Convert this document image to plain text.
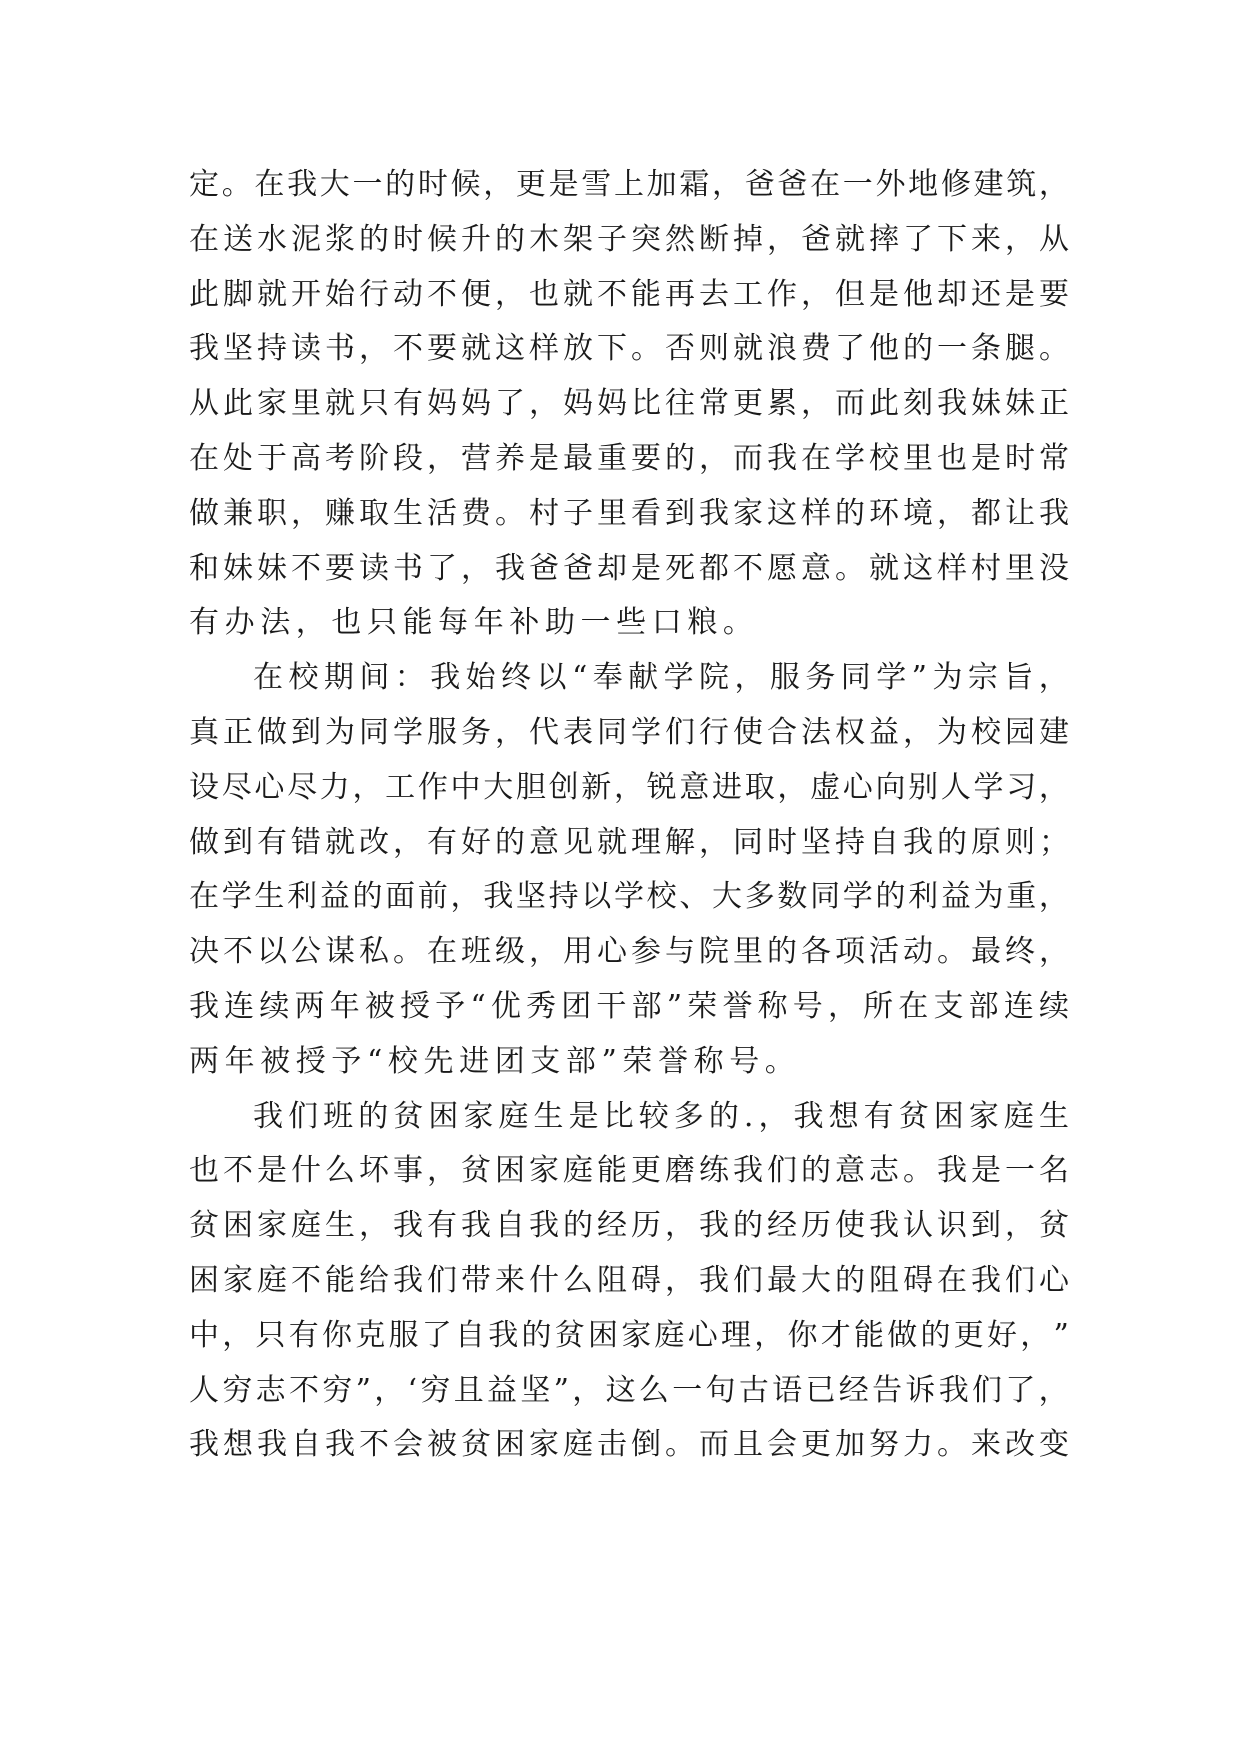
定 。 在 我 大 一 的 时 候 ， 更 是 雪 上 加 霜 ， 爸 爸 在 一 外 地 修 建 筑 ，
在 送 水 泥 浆 的 时 候 升 的 木 架 子 突 然 断 掉 ， 爸 就 摔 了 下 来 ， 从
此 脚 就 开 始 行 动 不 便 ， 也 就 不 能 再 去 工 作 ， 但 是 他 却 还 是 要
我 坚 持 读 书 ， 不 要 就 这 样 放 下 。 否 则 就 浪 费 了 他 的 一 条 腿 。
从 此 家 里 就 只 有 妈 妈 了 ， 妈 妈 比 往 常 更 累 ， 而 此 刻 我 妹 妹 正
在 处 于 高 考 阶 段 ， 营 养 是 最 重 要 的 ， 而 我 在 学 校 里 也 是 时 常
做 兼 职 ， 赚 取 生 活 费 。 村 子 里 看 到 我 家 这 样 的 环 境 ， 都 让 我
和 妹 妹 不 要 读 书 了 ， 我 爸 爸 却 是 死 都 不 愿 意 。 就 这 样 村 里 没
有 办 法 ， 也 只 能 每 年 补 助 一 些 口 粮 。
在 校 期 间 ： 我 始 终 以 “ 奉 献 学 院 ， 服 务 同 学 ” 为 宗 旨 ，
真 正 做 到 为 同 学 服 务 ， 代 表 同 学 们 行 使 合 法 权 益 ， 为 校 园 建
设 尽 心 尽 力 ， 工 作 中 大 胆 创 新 ， 锐 意 进 取 ， 虚 心 向 别 人 学 习 ，
做 到 有 错 就 改 ， 有 好 的 意 见 就 理 解 ， 同 时 坚 持 自 我 的 原 则 ；
在 学 生 利 益 的 面 前 ， 我 坚 持 以 学 校 、 大 多 数 同 学 的 利 益 为 重 ，
决 不 以 公 谋 私 。 在 班 级 ， 用 心 参 与 院 里 的 各 项 活 动 。 最 终 ，
我 连 续 两 年 被 授 予 “ 优 秀 团 干 部 ” 荣 誉 称 号 ， 所 在 支 部 连 续
两 年 被 授 予 “ 校 先 进 团 支 部 ” 荣 誉 称 号 。
我 们 班 的 贫 困 家 庭 生 是 比 较 多 的 . ， 我 想 有 贫 困 家 庭 生
也 不 是 什 么 坏 事 ， 贫 困 家 庭 能 更 磨 练 我 们 的 意 志 。 我 是 一 名
贫 困 家 庭 生 ， 我 有 我 自 我 的 经 历 ， 我 的 经 历 使 我 认 识 到 ， 贫
困 家 庭 不 能 给 我 们 带 来 什 么 阻 碍 ， 我 们 最 大 的 阻 碍 在 我 们 心
中 ， 只 有 你 克 服 了 自 我 的 贫 困 家 庭 心 理 ， 你 才 能 做 的 更 好 ， ”
人 穷 志 不 穷 ” ， ‘ 穷 且 益 坚 ” ， 这 么 一 句 古 语 已 经 告 诉 我 们 了 ，
我 想 我 自 我 不 会 被 贫 困 家 庭 击 倒 。 而 且 会 更 加 努 力 。 来 改 变
